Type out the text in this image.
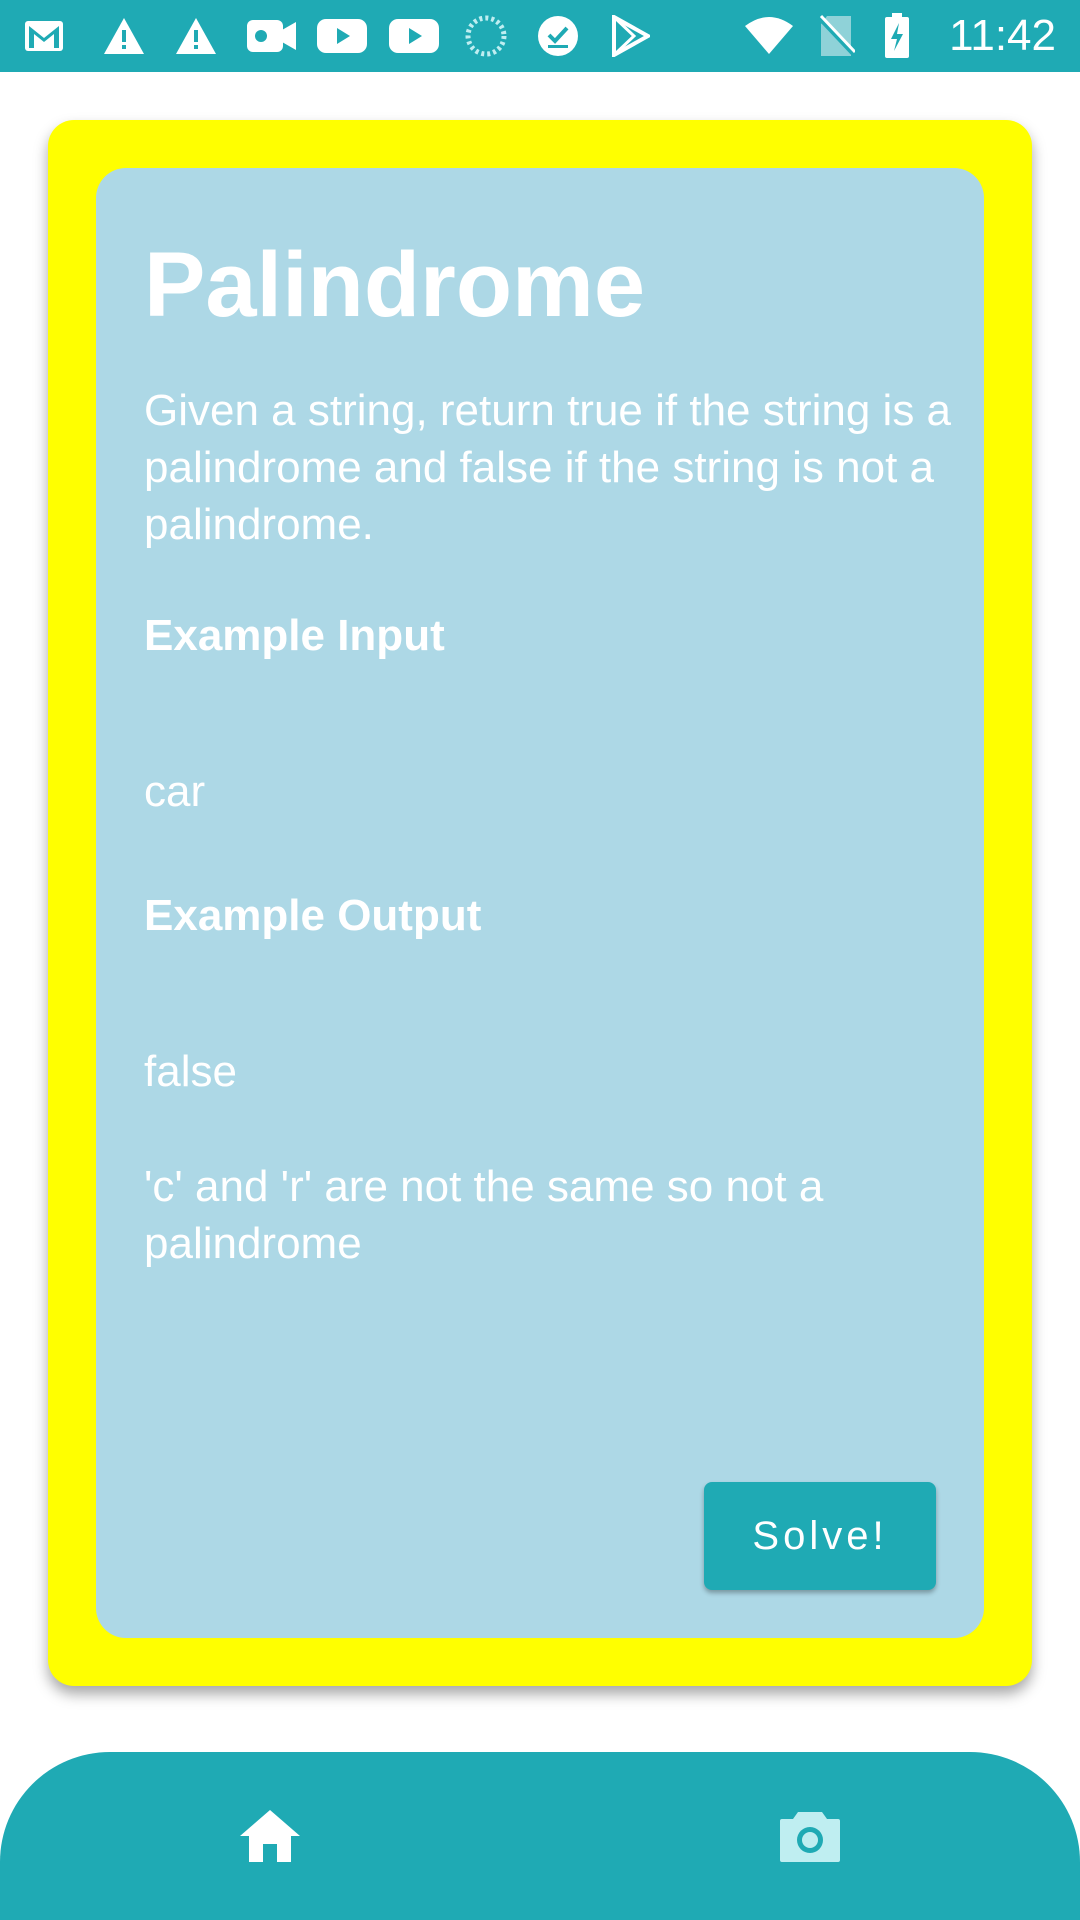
11:42
Palindrome

Given a string, return true if the string is a palindrome and false if the string is not a palindrome.

Example Input

car

Example Output

false

'c' and 'r' are not the same so not a palindrome

Solve!
